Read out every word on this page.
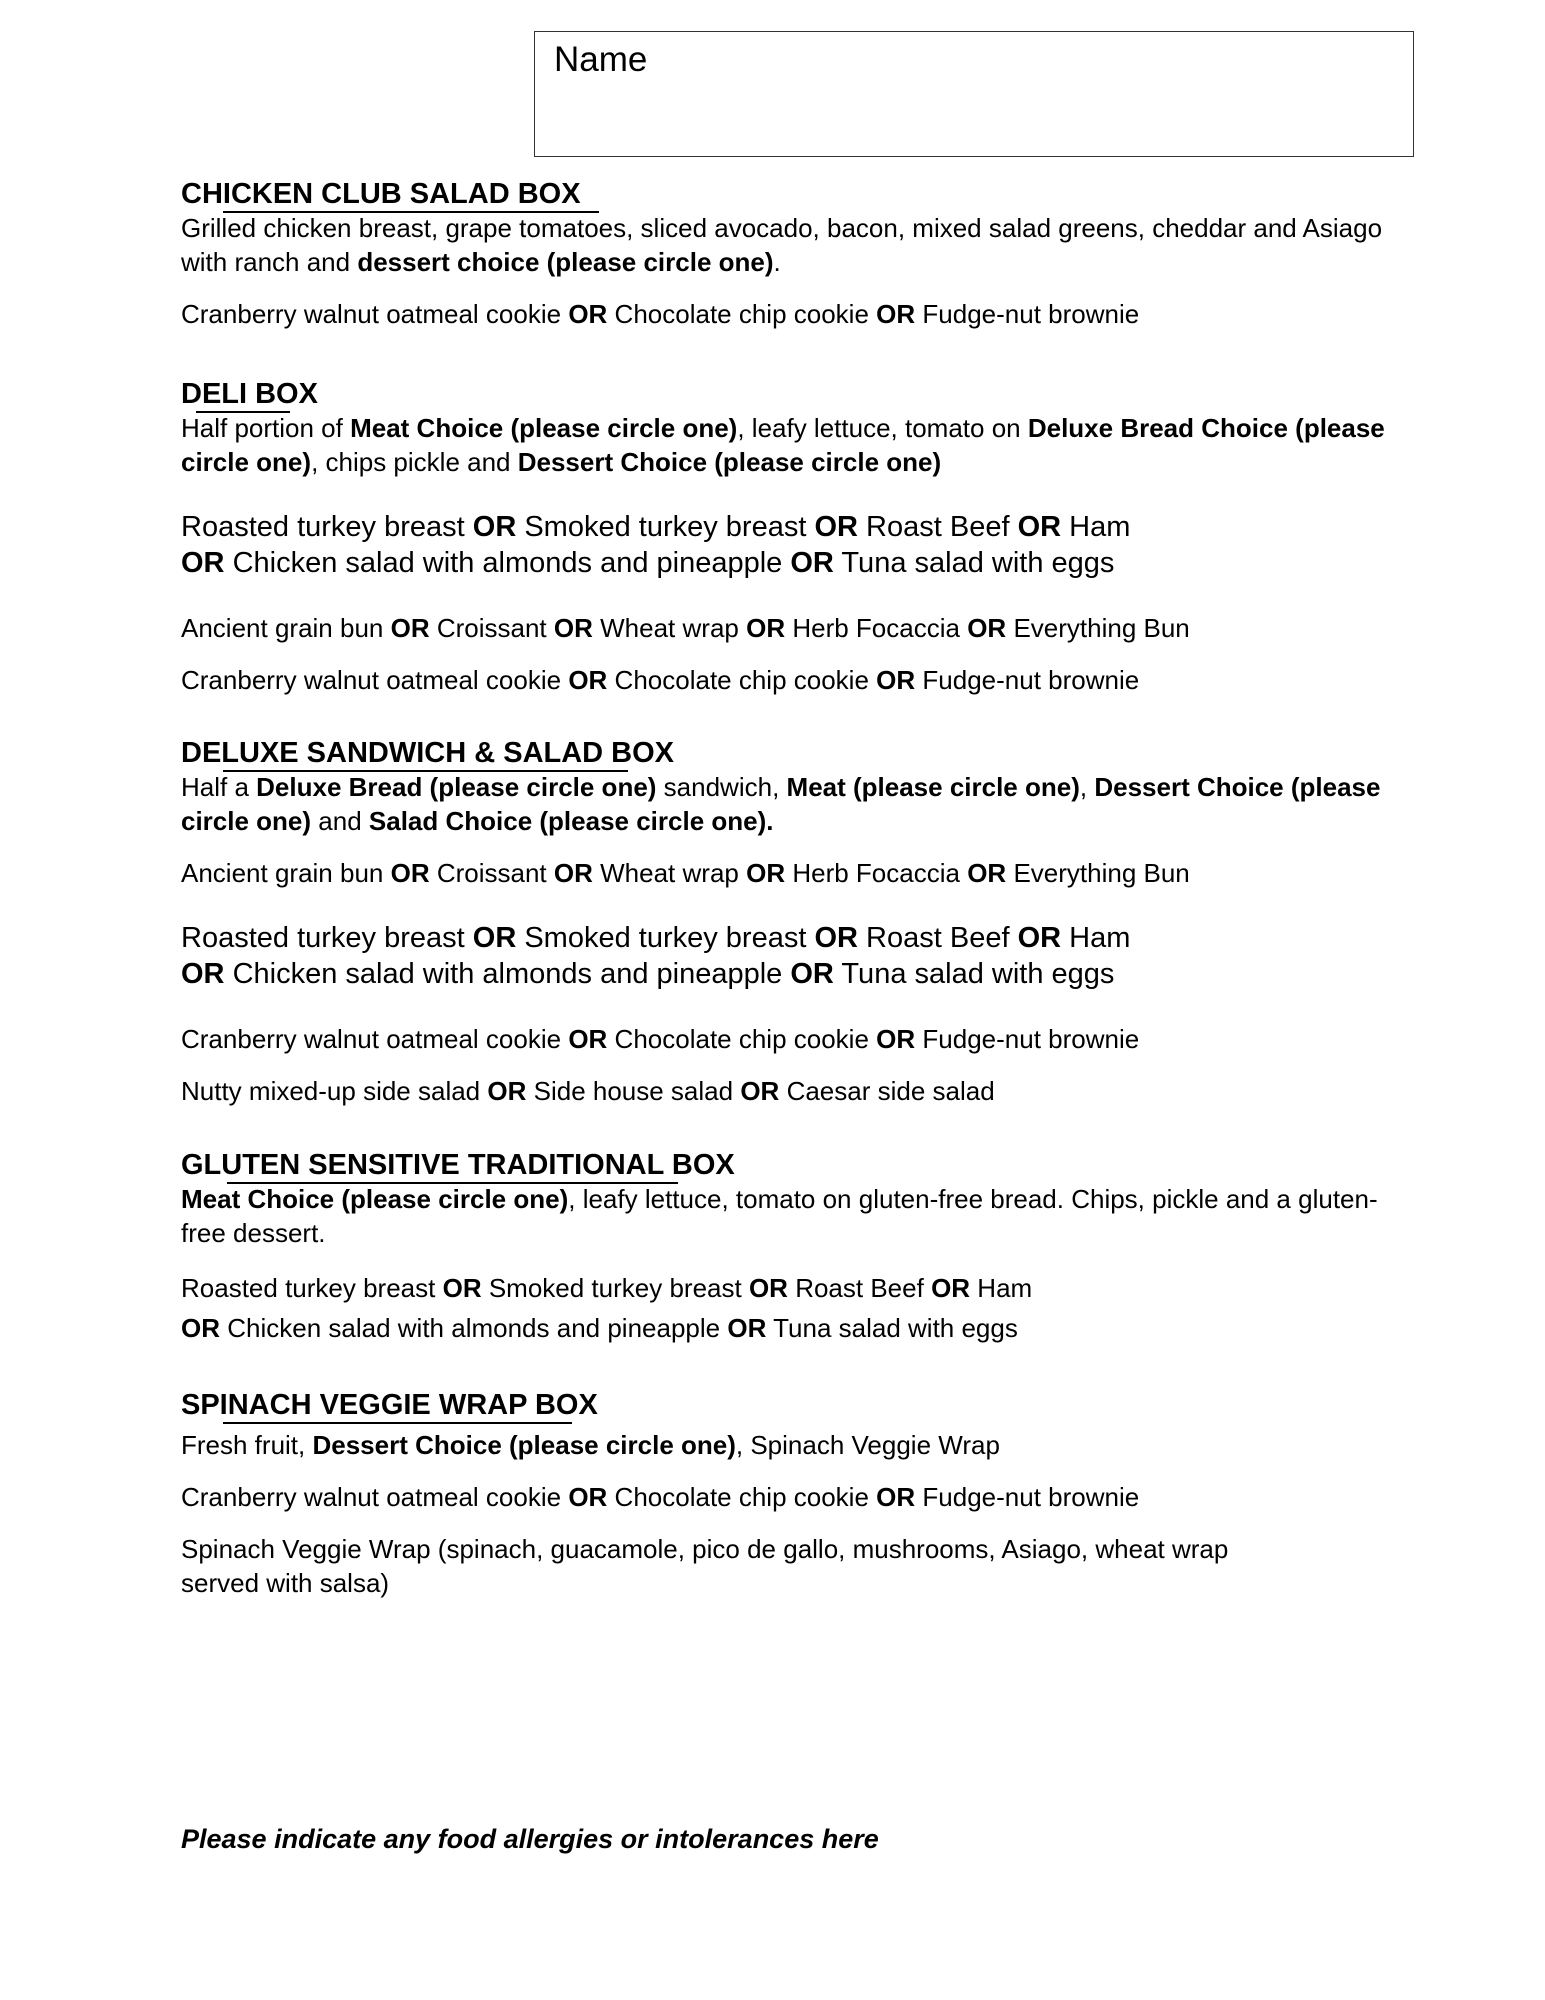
Name
CHICKEN CLUB SALAD BOX
Grilled chicken breast, grape tomatoes, sliced avocado, bacon, mixed salad greens, cheddar and Asiago with ranch and dessert choice (please circle one).
Cranberry walnut oatmeal cookie OR Chocolate chip cookie OR Fudge-nut brownie
DELI BOX
Half portion of Meat Choice (please circle one), leafy lettuce, tomato on Deluxe Bread Choice (please circle one), chips pickle and Dessert Choice (please circle one)
Roasted turkey breast OR Smoked turkey breast OR Roast Beef OR Ham
OR Chicken salad with almonds and pineapple OR Tuna salad with eggs
Ancient grain bun OR Croissant OR Wheat wrap OR Herb Focaccia OR Everything Bun
Cranberry walnut oatmeal cookie OR Chocolate chip cookie OR Fudge-nut brownie
DELUXE SANDWICH & SALAD BOX
Half a Deluxe Bread (please circle one) sandwich, Meat (please circle one), Dessert Choice (please circle one) and Salad Choice (please circle one).
Ancient grain bun OR Croissant OR Wheat wrap OR Herb Focaccia OR Everything Bun
Roasted turkey breast OR Smoked turkey breast OR Roast Beef OR Ham
OR Chicken salad with almonds and pineapple OR Tuna salad with eggs
Cranberry walnut oatmeal cookie OR Chocolate chip cookie OR Fudge-nut brownie
Nutty mixed-up side salad OR Side house salad OR Caesar side salad
GLUTEN SENSITIVE TRADITIONAL BOX
Meat Choice (please circle one), leafy lettuce, tomato on gluten-free bread. Chips, pickle and a gluten-free dessert.
Roasted turkey breast OR Smoked turkey breast OR Roast Beef OR Ham
OR Chicken salad with almonds and pineapple OR Tuna salad with eggs
SPINACH VEGGIE WRAP BOX
Fresh fruit, Dessert Choice (please circle one), Spinach Veggie Wrap
Cranberry walnut oatmeal cookie OR Chocolate chip cookie OR Fudge-nut brownie
Spinach Veggie Wrap (spinach, guacamole, pico de gallo, mushrooms, Asiago, wheat wrap served with salsa)
Please indicate any food allergies or intolerances here
